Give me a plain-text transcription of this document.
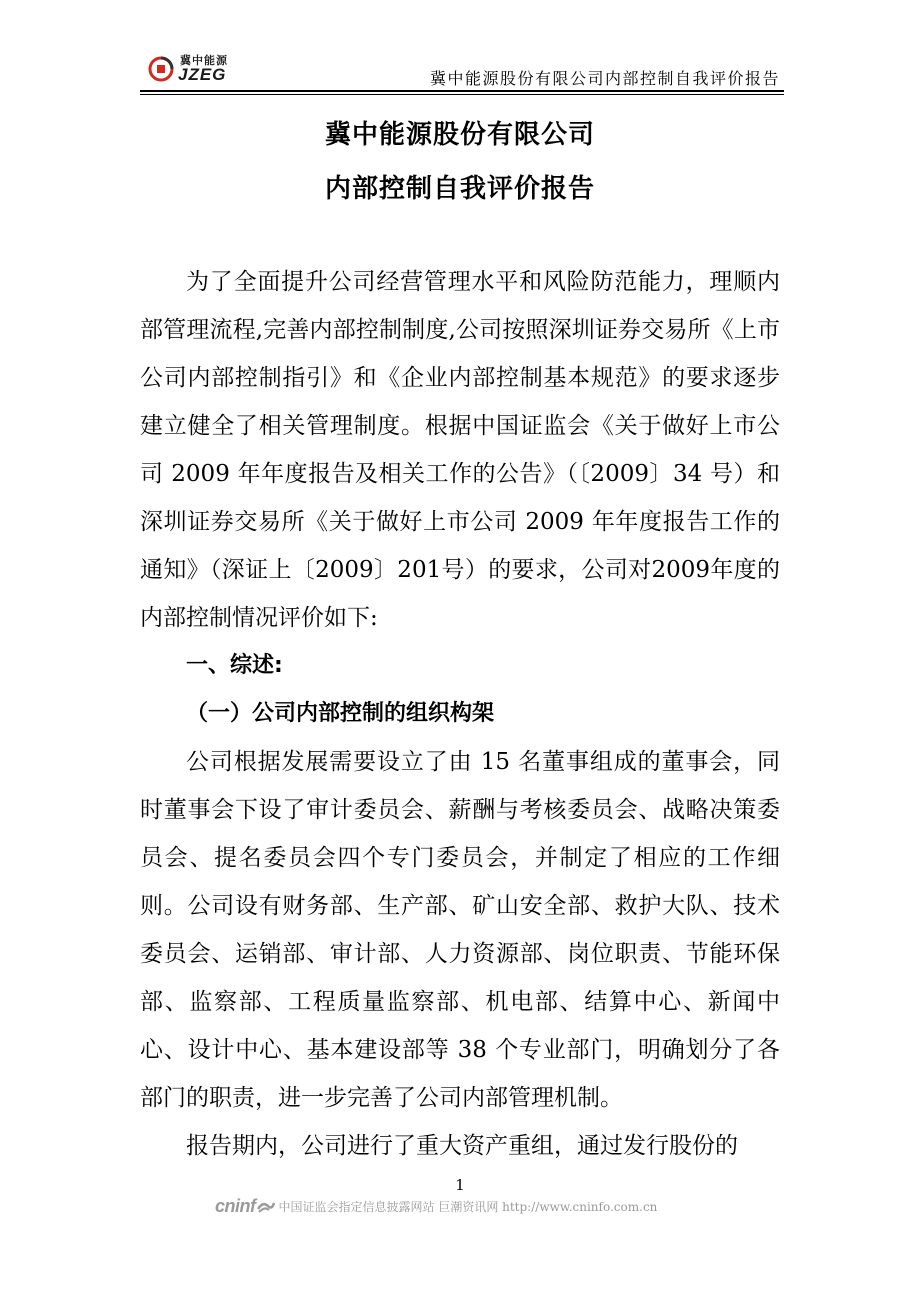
冀中能源
JZEG	冀中能源股份有限公司内部控制自我评价报告
冀中能源股份有限公司
内部控制自我评价报告

为了全面提升公司经营管理水平和风险防范能力，理顺内部管理流程,完善内部控制制度,公司按照深圳证券交易所《上市公司内部控制指引》和《企业内部控制基本规范》的要求逐步建立健全了相关管理制度。根据中国证监会《关于做好上市公司 2009 年年度报告及相关工作的公告》（〔2009〕34 号）和深圳证券交易所《关于做好上市公司 2009 年年度报告工作的通知》（深证上〔2009〕201号）的要求，公司对2009年度的内部控制情况评价如下:

一、综述:

（一）公司内部控制的组织构架

公司根据发展需要设立了由 15 名董事组成的董事会，同时董事会下设了审计委员会、薪酬与考核委员会、战略决策委员会、提名委员会四个专门委员会，并制定了相应的工作细则。公司设有财务部、生产部、矿山安全部、救护大队、技术委员会、运销部、审计部、人力资源部、岗位职责、节能环保部、监察部、工程质量监察部、机电部、结算中心、新闻中心、设计中心、基本建设部等 38 个专业部门，明确划分了各部门的职责，进一步完善了公司内部管理机制。

报告期内，公司进行了重大资产重组，通过发行股份的

1
cninf 中国证监会指定信息披露网站 巨潮资讯网 http://www.cninfo.com.cn
